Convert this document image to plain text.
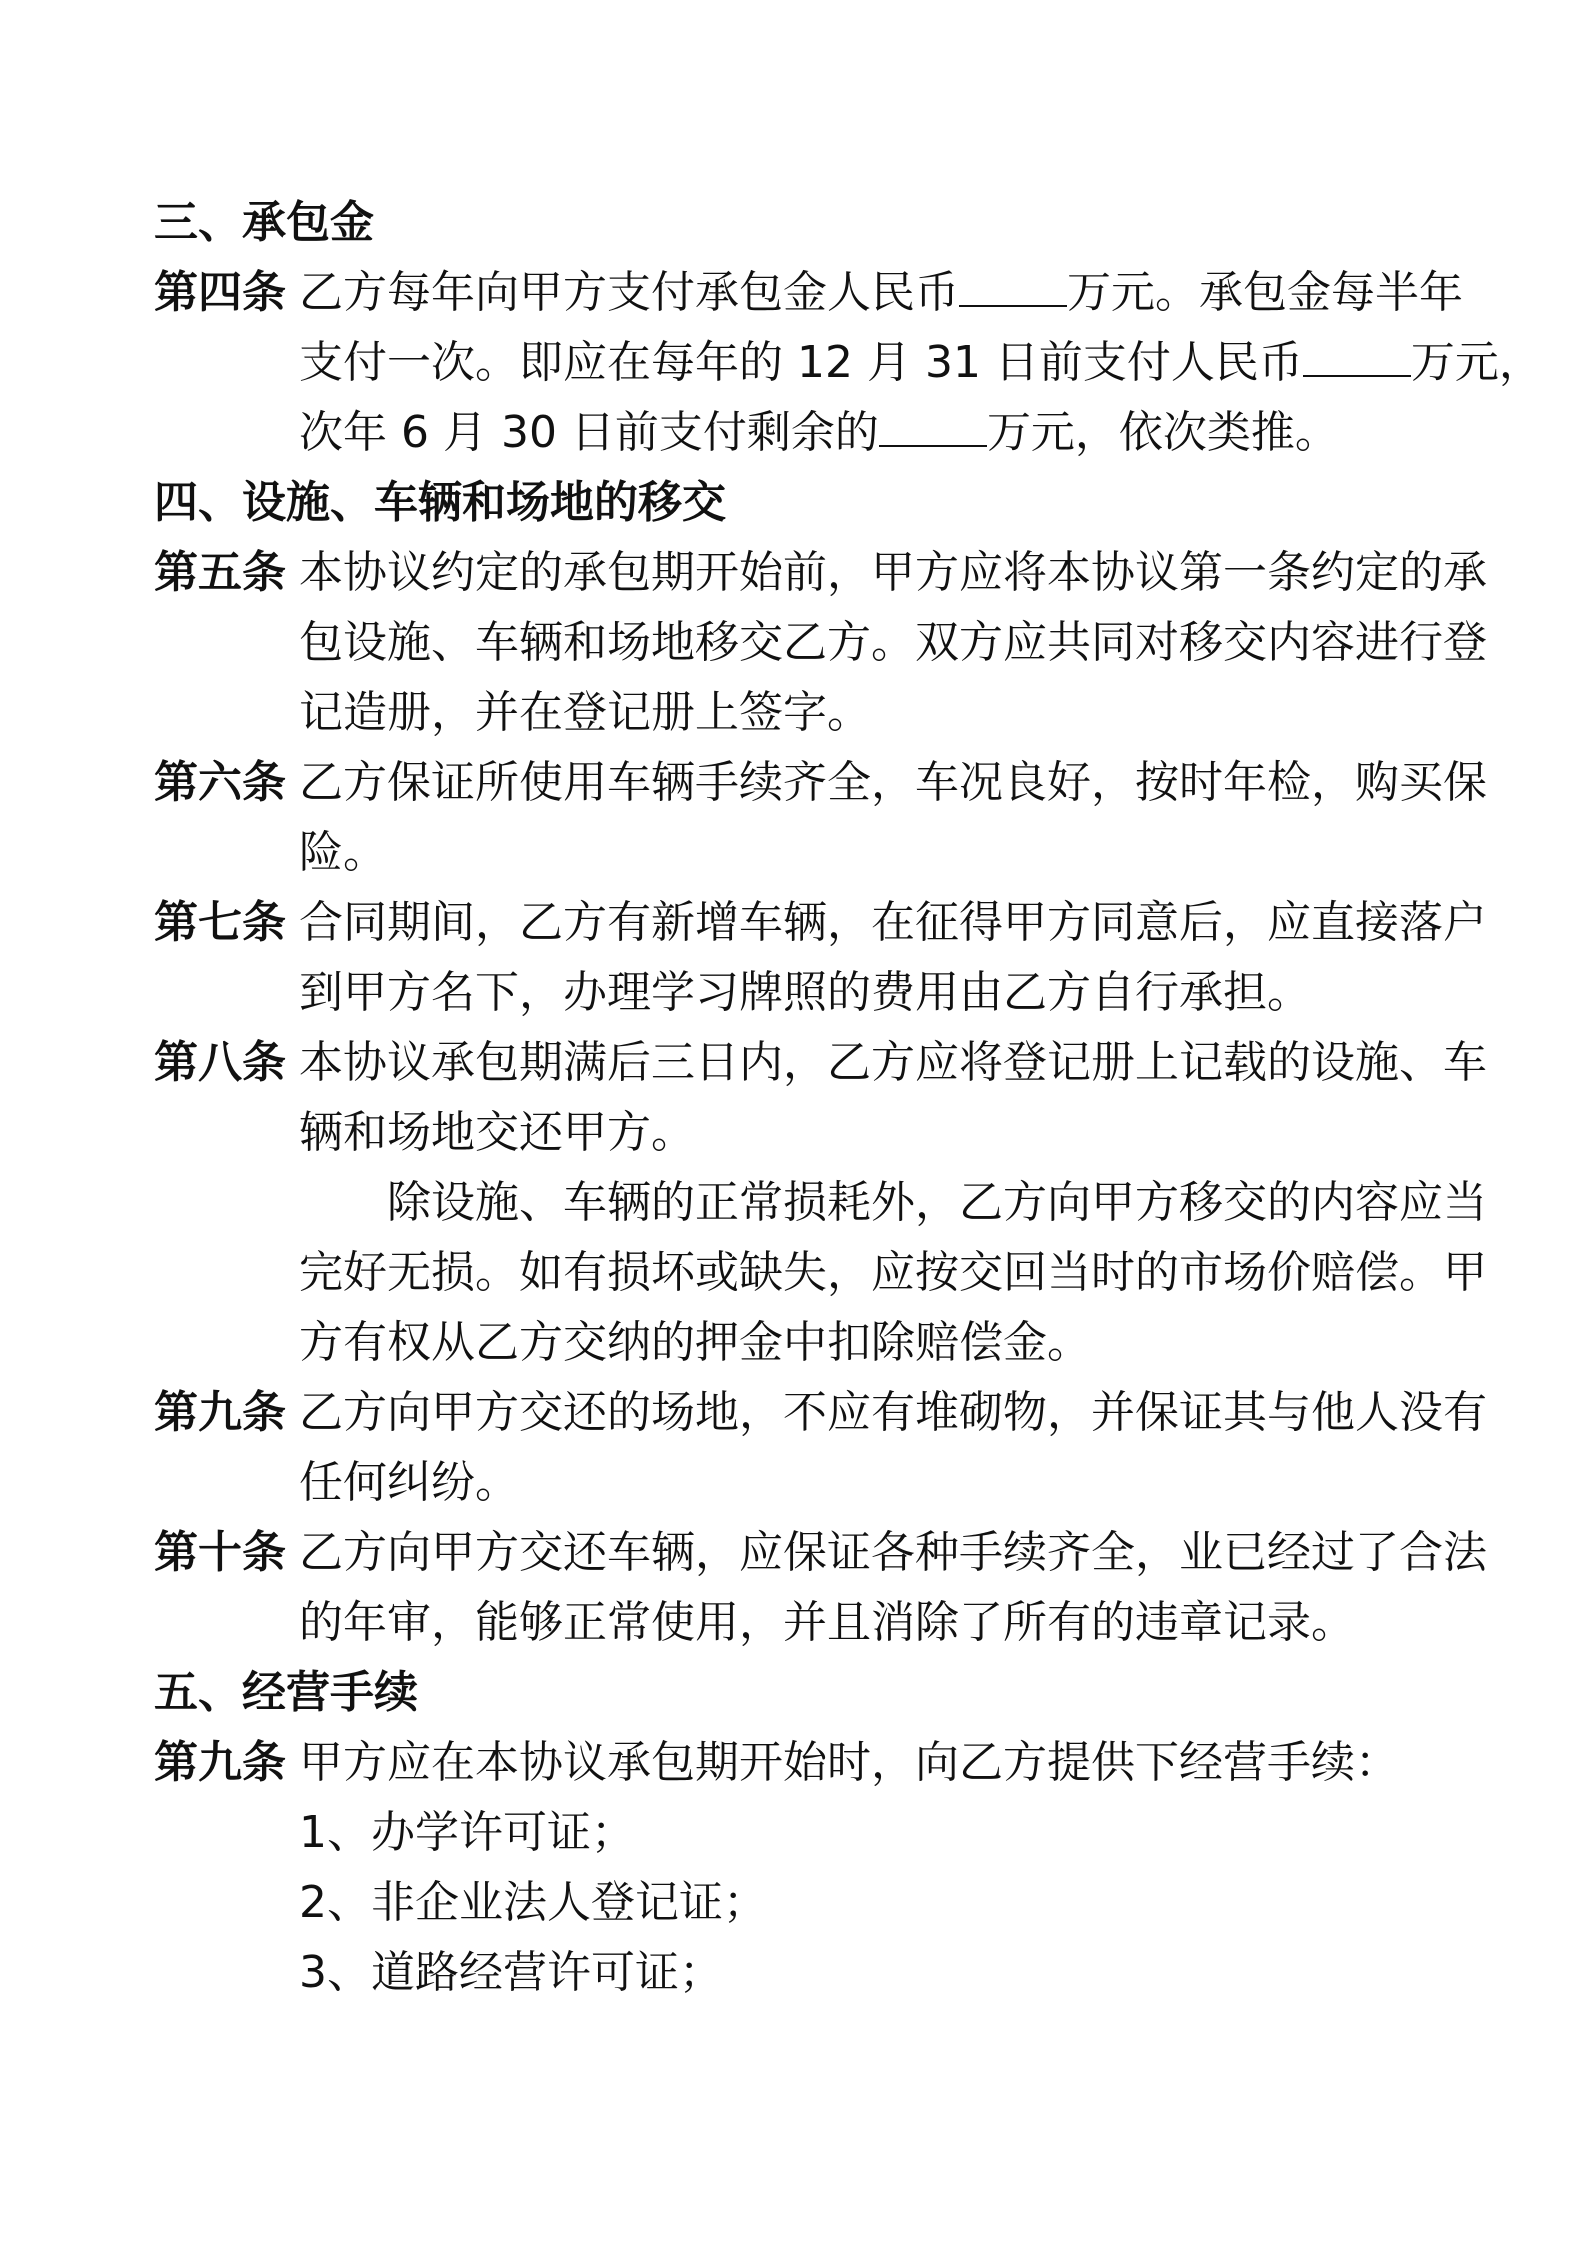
三、承包金
第四条 乙方每年向甲方支付承包金人民币 万元。承包金每半年

支付一次。即应在每年的 12 月 31 日前支付人民币 万元，

次年 6 月 30 日前支付剩余的 万元，依次类推。

四、设施、车辆和场地的移交
第五条 本协议约定的承包期开始前，甲方应将本协议第一条约定的承

包设施、车辆和场地移交乙方。双方应共同对移交内容进行登

记造册，并在登记册上签字。

第六条 乙方保证所使用车辆手续齐全，车况良好，按时年检，购买保

险。

第七条 合同期间，乙方有新增车辆，在征得甲方同意后，应直接落户

到甲方名下，办理学习牌照的费用由乙方自行承担。

第八条 本协议承包期满后三日内，乙方应将登记册上记载的设施、车

辆和场地交还甲方。

除设施、车辆的正常损耗外，乙方向甲方移交的内容应当

完好无损。如有损坏或缺失，应按交回当时的市场价赔偿。甲

方有权从乙方交纳的押金中扣除赔偿金。

第九条 乙方向甲方交还的场地，不应有堆砌物，并保证其与他人没有

任何纠纷。

第十条 乙方向甲方交还车辆，应保证各种手续齐全，业已经过了合法

的年审，能够正常使用，并且消除了所有的违章记录。

五、经营手续
第九条 甲方应在本协议承包期开始时，向乙方提供下经营手续：

1、办学许可证；
2、非企业法人登记证；
3、道路经营许可证；
